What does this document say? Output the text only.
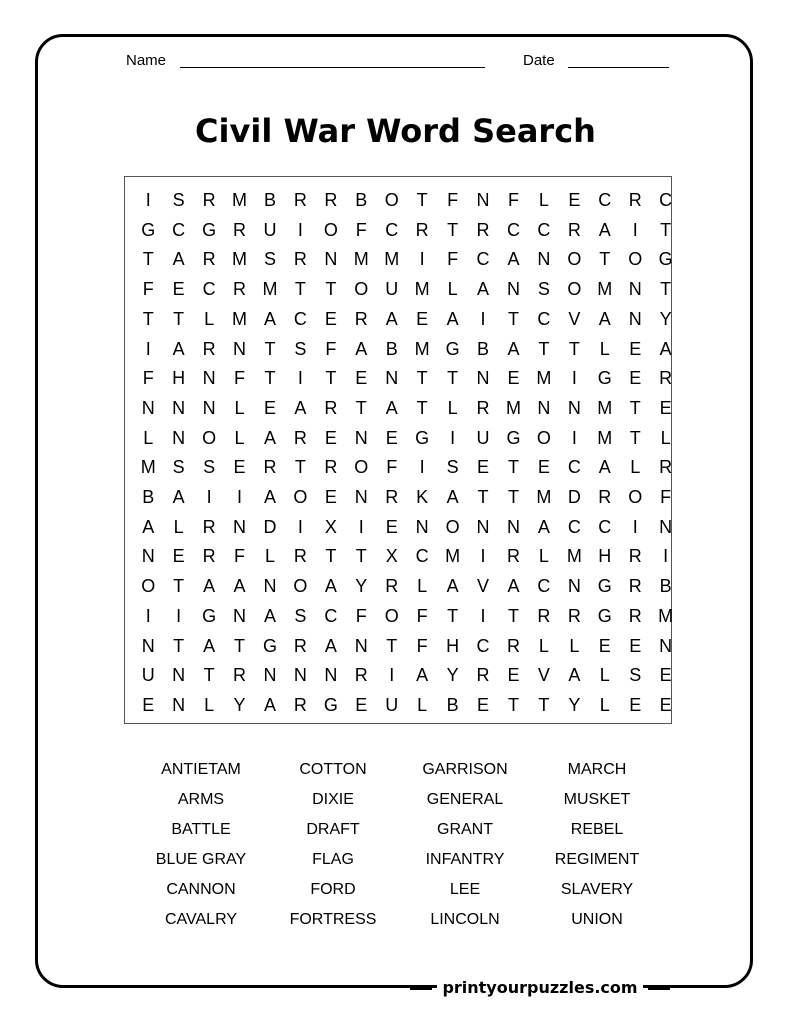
Name	Date
Civil War Word Search
I	S R M B R R B O T	F	N	F	L	E C R C
G C G R U	I	O F	C R	T	R C C R A	I	T
T	A R M S R N M M	I	F	C A N O T O G
F	E C R M T	T O U M L	A N S O M N	T
T	T	L M A C E R A	E	A	I	T	C V	A N Y
I	A R N	T	S	F	A	B M G B	A	T	T	L	E	A
F	H N	F	T	I	T	E N	T	T	N E M	I	G E R
N N N	L	E	A R	T	A	T	L	R M N N M T	E
L	N O	L	A R E N E G	I	U G O	I	M T	L
M S	S	E R	T	R O F	I	S	E	T	E C A	L	R
B	A	I	I	A O E N R K	A	T	T M D R O F
A	L	R N D	I	X	I	E N O N N A C C	I	N
N E R	F	L	R	T	T	X C M	I	R	L M H R	I
O T	A	A N O A	Y R	L	A	V	A C N G R B
I	I	G N A	S C	F O F	T	I	T	R R G R M
N	T	A	T G R A N	T	F	H C R	L	L	E	E N
U N	T	R N N N R	I	A	Y R E	V	A	L	S	E
E N	L	Y	A R G E U	L	B	E	T	T	Y	L	E	E
ANTIETAM	COTTON	GARRISON	MARCH
ARMS	DIXIE	GENERAL	MUSKET
BATTLE	DRAFT	GRANT	REBEL
BLUE GRAY	FLAG	INFANTRY	REGIMENT
CANNON	FORD	LEE	SLAVERY
CAVALRY	FORTRESS	LINCOLN	UNION
printyourpuzzles.com
